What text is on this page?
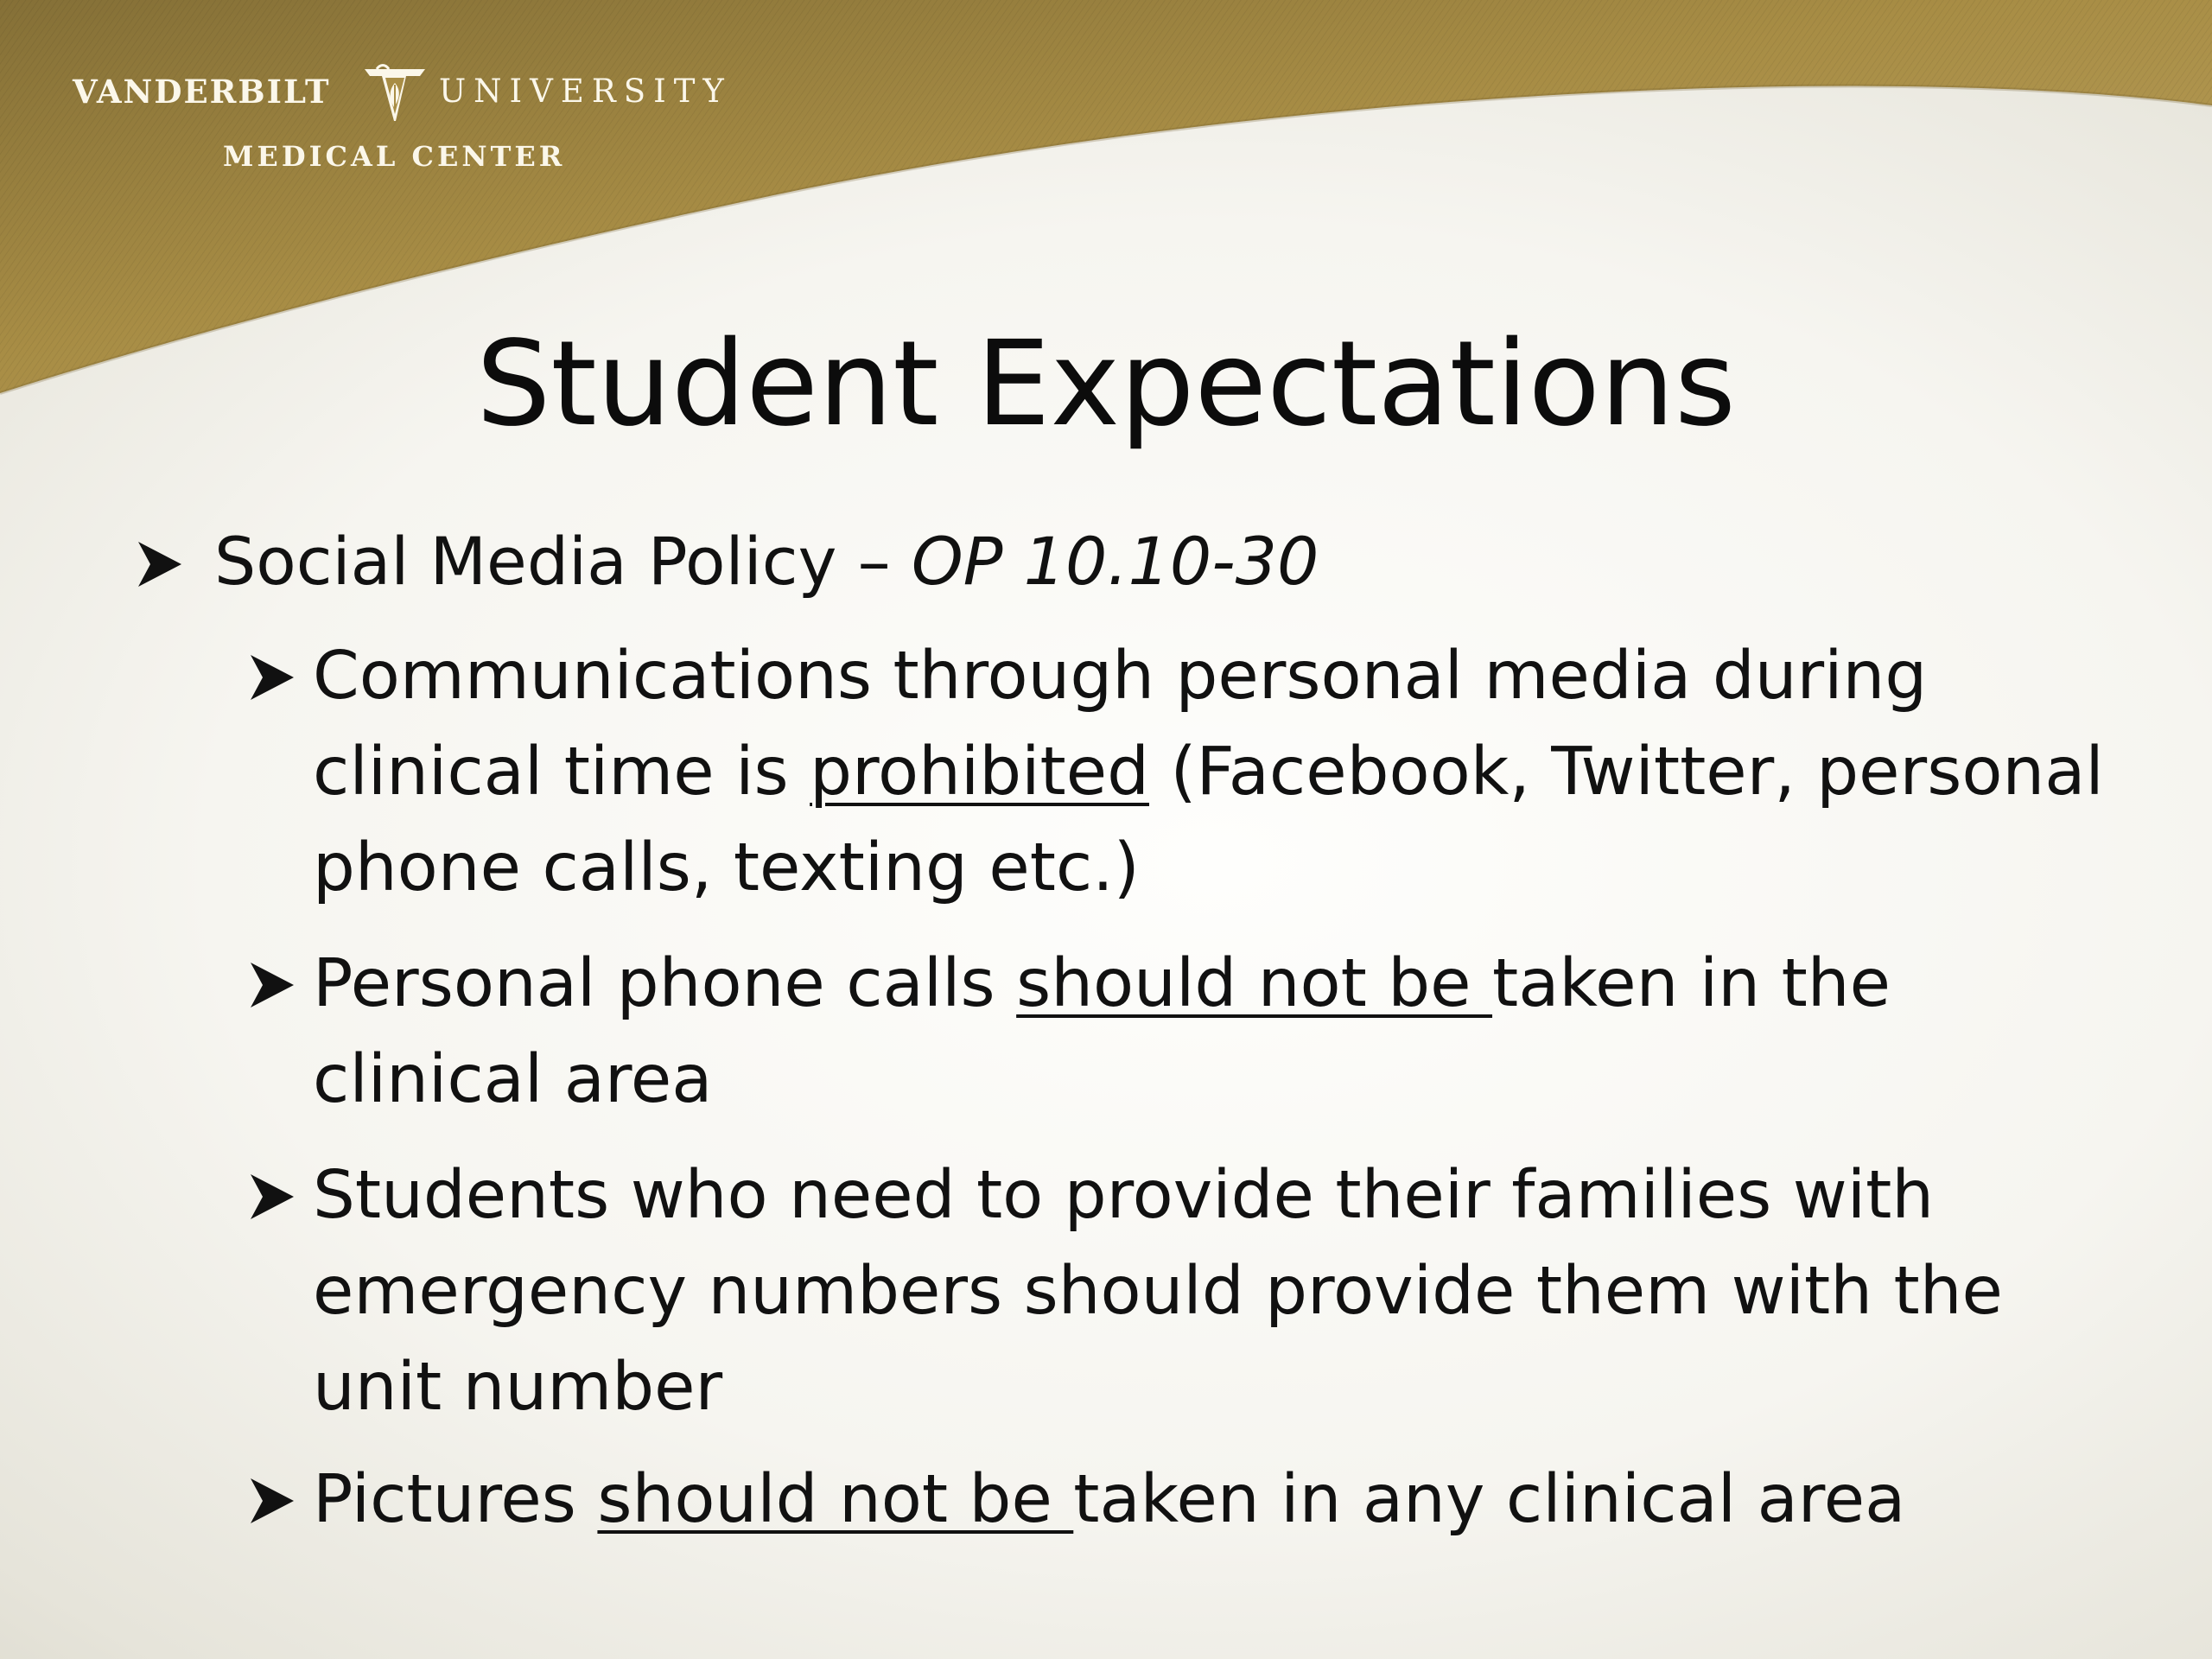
VANDERBILT	UNIVERSITY
MEDICAL CENTER
Student Expectations
Social Media Policy – OP 10.10-30
Communications through personal media during clinical time is prohibited (Facebook, Twitter, personal phone calls, texting etc.)
Personal phone calls should not be taken in the clinical area
Students who need to provide their families with emergency numbers should provide them with the unit number
Pictures should not be taken in any clinical area
